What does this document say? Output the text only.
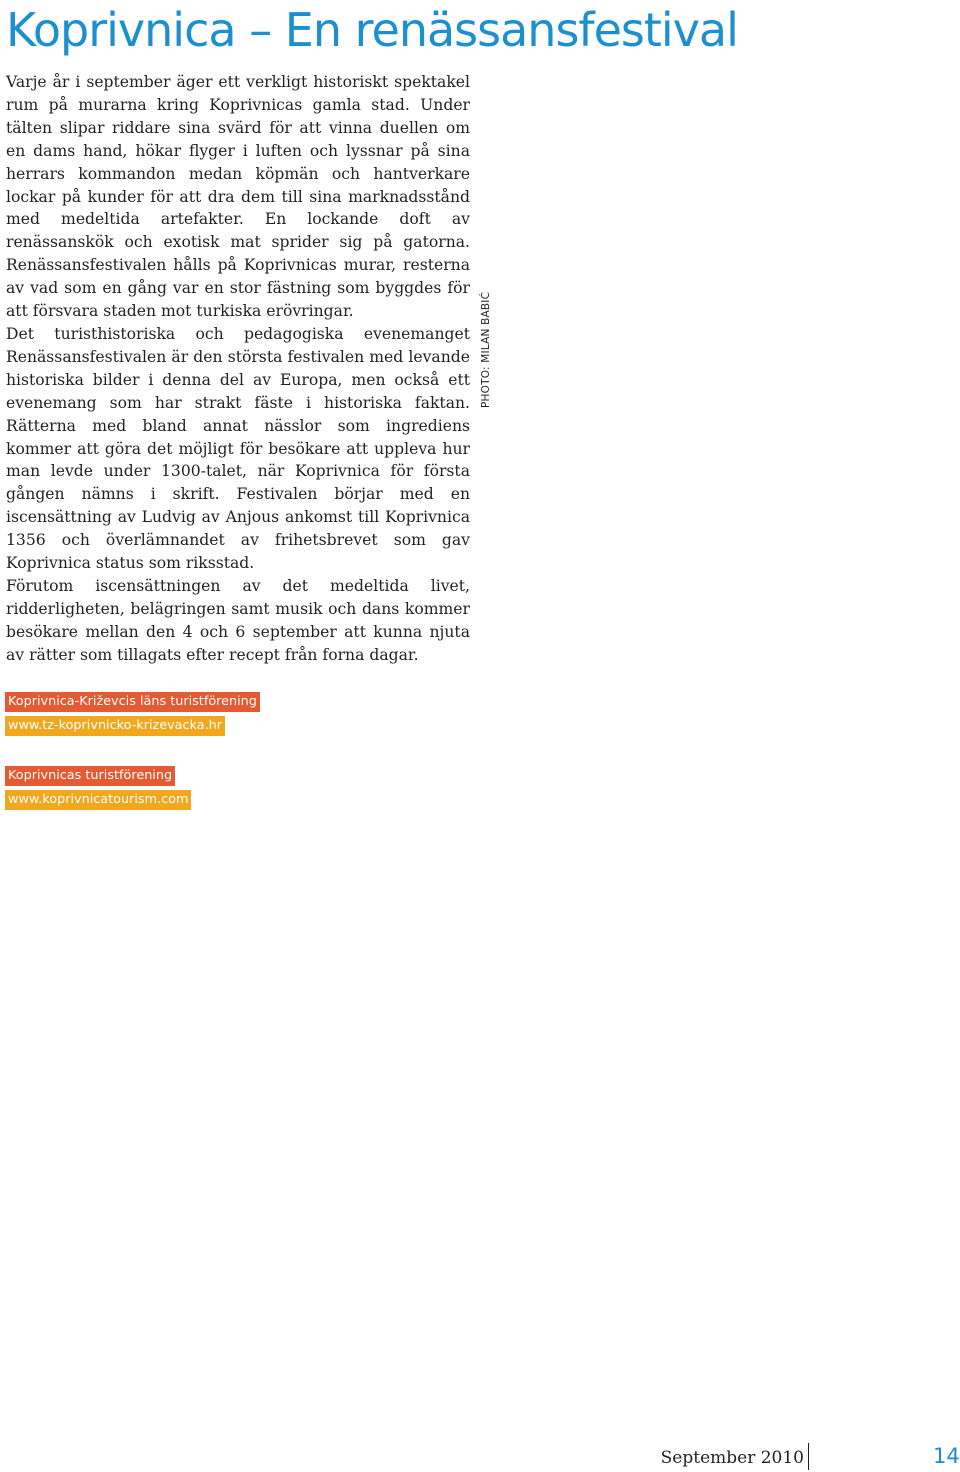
Koprivnica – En renässansfestival

Varje år i september äger ett verkligt historiskt spektakel rum på murarna kring Koprivnicas gamla stad. Under tälten slipar riddare sina svärd för att vinna duellen om en dams hand, hökar flyger i luften och lyssnar på sina herrars kommandon medan köpmän och hantverkare lockar på kunder för att dra dem till sina marknadsstånd med medeltida artefakter. En lockande doft av renässanskök och exotisk mat sprider sig på gatorna. Renässansfestivalen hålls på Koprivnicas murar, resterna av vad som en gång var en stor fästning som byggdes för att försvara staden mot turkiska erövringar.

Det turisthistoriska och pedagogiska evenemanget Renässansfestivalen är den största festivalen med levande historiska bilder i denna del av Europa, men också ett evenemang som har strakt fäste i historiska faktan. Rätterna med bland annat nässlor som ingrediens kommer att göra det möjligt för besökare att uppleva hur man levde under 1300-talet, när Koprivnica för första gången nämns i skrift. Festivalen börjar med en iscensättning av Ludvig av Anjous ankomst till Koprivnica 1356 och överlämnandet av frihetsbrevet som gav Koprivnica status som riksstad.

Förutom iscensättningen av det medeltida livet, ridderligheten, belägringen samt musik och dans kommer besökare mellan den 4 och 6 september att kunna njuta av rätter som tillagats efter recept från forna dagar.

PHOTO: MILAN BABIĆ
Koprivnica-Križevcis läns turistförening
www.tz-koprivnicko-krizevacka.hr
Koprivnicas turistförening
www.koprivnicatourism.com
September 2010	14
